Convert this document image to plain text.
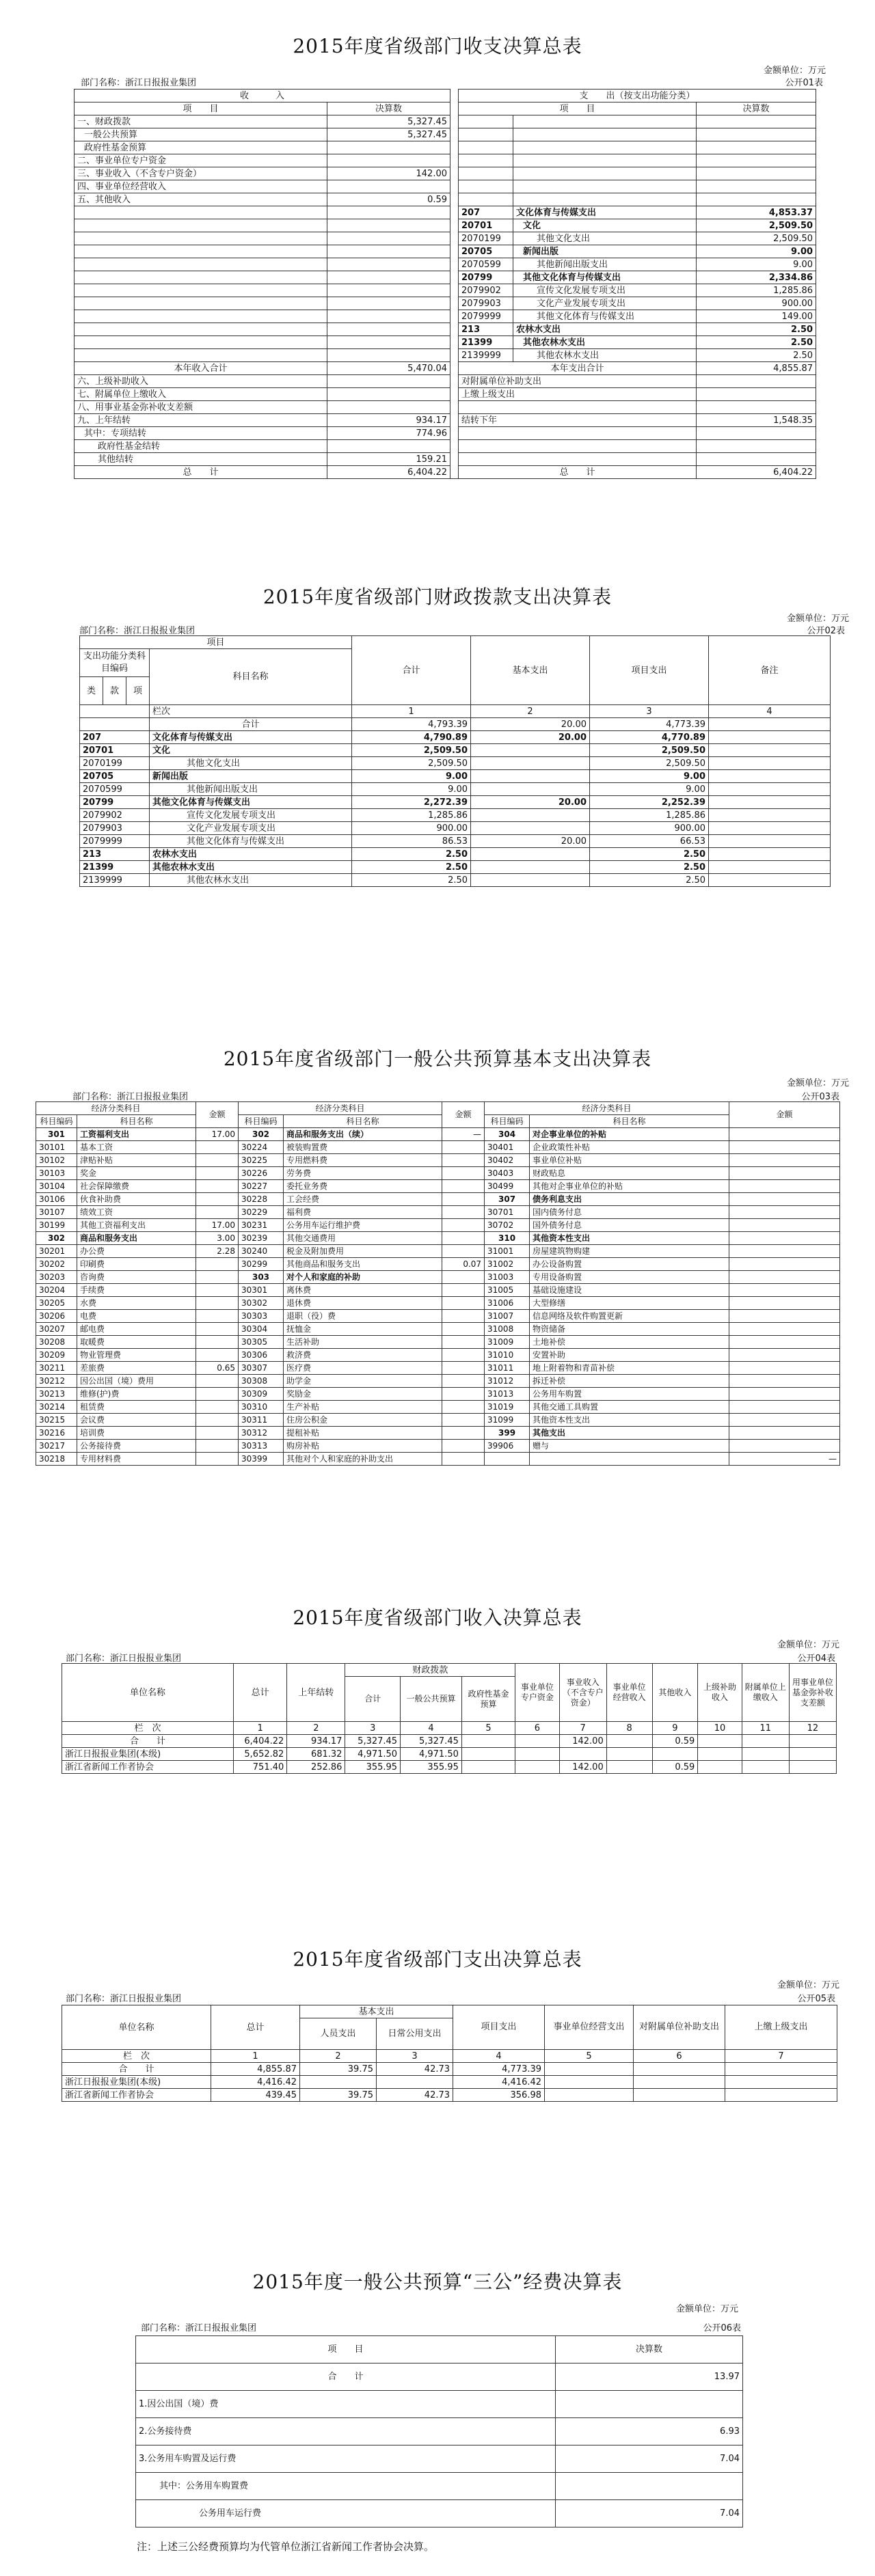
2015年度省级部门收支决算总表
金额单位：万元
部门名称：浙江日报报业集团	公开01表
收　　　入			支　　出（按支出功能分类）		
项　　目	决算数		项　　目		决算数
一、财政拨款	5,327.45				
一般公共预算	5,327.45				
政府性基金预算					
二、事业单位专户资金					
三、事业收入（不含专户资金）	142.00				
四、事业单位经营收入					
五、其他收入	0.59				
			207	文化体育与传媒支出	4,853.37
			20701	文化	2,509.50
			2070199	其他文化支出	2,509.50
			20705	新闻出版	9.00
			2070599	其他新闻出版支出	9.00
			20799	其他文化体育与传媒支出	2,334.86
			2079902	宣传文化发展专项支出	1,285.86
			2079903	文化产业发展专项支出	900.00
			2079999	其他文化体育与传媒支出	149.00
			213	农林水支出	2.50
			21399	其他农林水支出	2.50
			2139999	其他农林水支出	2.50
本年收入合计	5,470.04		本年支出合计		4,855.87
六、上级补助收入			对附属单位补助支出		
七、附属单位上缴收入			上缴上级支出		
八、用事业基金弥补收支差额					
九、上年结转	934.17		结转下年		1,548.35
其中：专项结转	774.96				
政府性基金结转					
其他结转	159.21				
总　　计	6,404.22		总　　计		6,404.22
2015年度省级部门财政拨款支出决算表
金额单位：万元
部门名称：浙江日报报业集团	公开02表
项目				合计	基本支出	项目支出	备注
支出功能分类科目编码			科目名称				

类	款	项					
			栏次	1	2	3	4
			合计	4,793.39	20.00	4,773.39	
207			文化体育与传媒支出	4,790.89	20.00	4,770.89	
20701			文化	2,509.50		2,509.50	
2070199			其他文化支出	2,509.50		2,509.50	
20705			新闻出版	9.00		9.00	
2070599			其他新闻出版支出	9.00		9.00	
20799			其他文化体育与传媒支出	2,272.39	20.00	2,252.39	
2079902			宣传文化发展专项支出	1,285.86		1,285.86	
2079903			文化产业发展专项支出	900.00		900.00	
2079999			其他文化体育与传媒支出	86.53	20.00	66.53	
213			农林水支出	2.50		2.50	
21399			其他农林水支出	2.50		2.50	
2139999			其他农林水支出	2.50		2.50	
2015年度省级部门一般公共预算基本支出决算表
金额单位：万元
部门名称：浙江日报报业集团	公开03表
经济分类科目		金额	经济分类科目		金额	经济分类科目		金额
科目编码	科目名称		科目编码	科目名称		科目编码	科目名称	
301	工资福利支出	17.00	302	商品和服务支出（续）	—	304	对企事业单位的补贴	
30101	基本工资		30224	被装购置费		30401	企业政策性补贴	
30102	津贴补贴		30225	专用燃料费		30402	事业单位补贴	
30103	奖金		30226	劳务费		30403	财政贴息	
30104	社会保障缴费		30227	委托业务费		30499	其他对企事业单位的补贴	
30106	伙食补助费		30228	工会经费		307	债务利息支出	
30107	绩效工资		30229	福利费		30701	国内债务付息	
30199	其他工资福利支出	17.00	30231	公务用车运行维护费		30702	国外债务付息	
302	商品和服务支出	3.00	30239	其他交通费用		310	其他资本性支出	
30201	办公费	2.28	30240	税金及附加费用		31001	房屋建筑物购建	
30202	印刷费		30299	其他商品和服务支出	0.07	31002	办公设备购置	
30203	咨询费		303	对个人和家庭的补助		31003	专用设备购置	
30204	手续费		30301	离休费		31005	基础设施建设	
30205	水费		30302	退休费		31006	大型修缮	
30206	电费		30303	退职（役）费		31007	信息网络及软件购置更新	
30207	邮电费		30304	抚恤金		31008	物资储备	
30208	取暖费		30305	生活补助		31009	土地补偿	
30209	物业管理费		30306	救济费		31010	安置补助	
30211	差旅费	0.65	30307	医疗费		31011	地上附着物和青苗补偿	
30212	因公出国（境）费用		30308	助学金		31012	拆迁补偿	
30213	维修(护)费		30309	奖励金		31013	公务用车购置	
30214	租赁费		30310	生产补贴		31019	其他交通工具购置	
30215	会议费		30311	住房公积金		31099	其他资本性支出	
30216	培训费		30312	提租补贴		399	其他支出	
30217	公务接待费		30313	购房补贴		39906	赠与	
30218	专用材料费		30399	其他对个人和家庭的补助支出				—
2015年度省级部门收入决算总表
金额单位：万元
部门名称：浙江日报报业集团	公开04表
单位名称	总计	上年结转	财政拨款			事业单位专户资金	事业收入（不含专户资金）	事业单位经营收入	其他收入	上级补助收入	附属单位上缴收入	用事业单位基金弥补收支差额
			合计	一般公共预算	政府性基金预算							
栏　次	1	2	3	4	5	6	7	8	9	10	11	12
合　　计	6,404.22	934.17	5,327.45	5,327.45			142.00		0.59			
浙江日报报业集团(本级)	5,652.82	681.32	4,971.50	4,971.50								
浙江省新闻工作者协会	751.40	252.86	355.95	355.95			142.00		0.59			
2015年度省级部门支出决算总表
金额单位：万元
部门名称：浙江日报报业集团	公开05表
单位名称	总计	基本支出		项目支出	事业单位经营支出	对附属单位补助支出	上缴上级支出
		人员支出	日常公用支出				
栏　次	1	2	3	4	5	6	7
合　　计	4,855.87	39.75	42.73	4,773.39			
浙江日报报业集团(本级)	4,416.42			4,416.42			
浙江省新闻工作者协会	439.45	39.75	42.73	356.98			
2015年度一般公共预算“三公”经费决算表
金额单位：万元
部门名称：浙江日报报业集团	公开06表
项　　目	决算数
合　　计	13.97
1.因公出国（境）费	
2.公务接待费	6.93
3.公务用车购置及运行费	7.04
其中：公务用车购置费	
公务用车运行费	7.04
注：上述三公经费预算均为代管单位浙江省新闻工作者协会决算。
